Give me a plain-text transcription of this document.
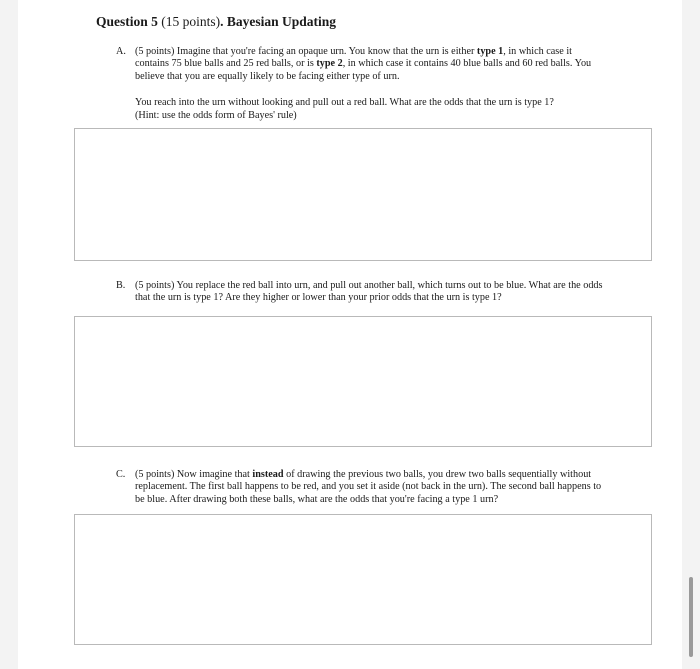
Question 5 (15 points). Bayesian Updating
A. (5 points) Imagine that you're facing an opaque urn. You know that the urn is either type 1, in which case it contains 75 blue balls and 25 red balls, or is type 2, in which case it contains 40 blue balls and 60 red balls. You believe that you are equally likely to be facing either type of urn.

You reach into the urn without looking and pull out a red ball. What are the odds that the urn is type 1?
(Hint: use the odds form of Bayes' rule)

B. (5 points) You replace the red ball into urn, and pull out another ball, which turns out to be blue. What are the odds that the urn is type 1? Are they higher or lower than your prior odds that the urn is type 1?

C. (5 points) Now imagine that instead of drawing the previous two balls, you drew two balls sequentially without replacement. The first ball happens to be red, and you set it aside (not back in the urn). The second ball happens to be blue. After drawing both these balls, what are the odds that you're facing a type 1 urn?
